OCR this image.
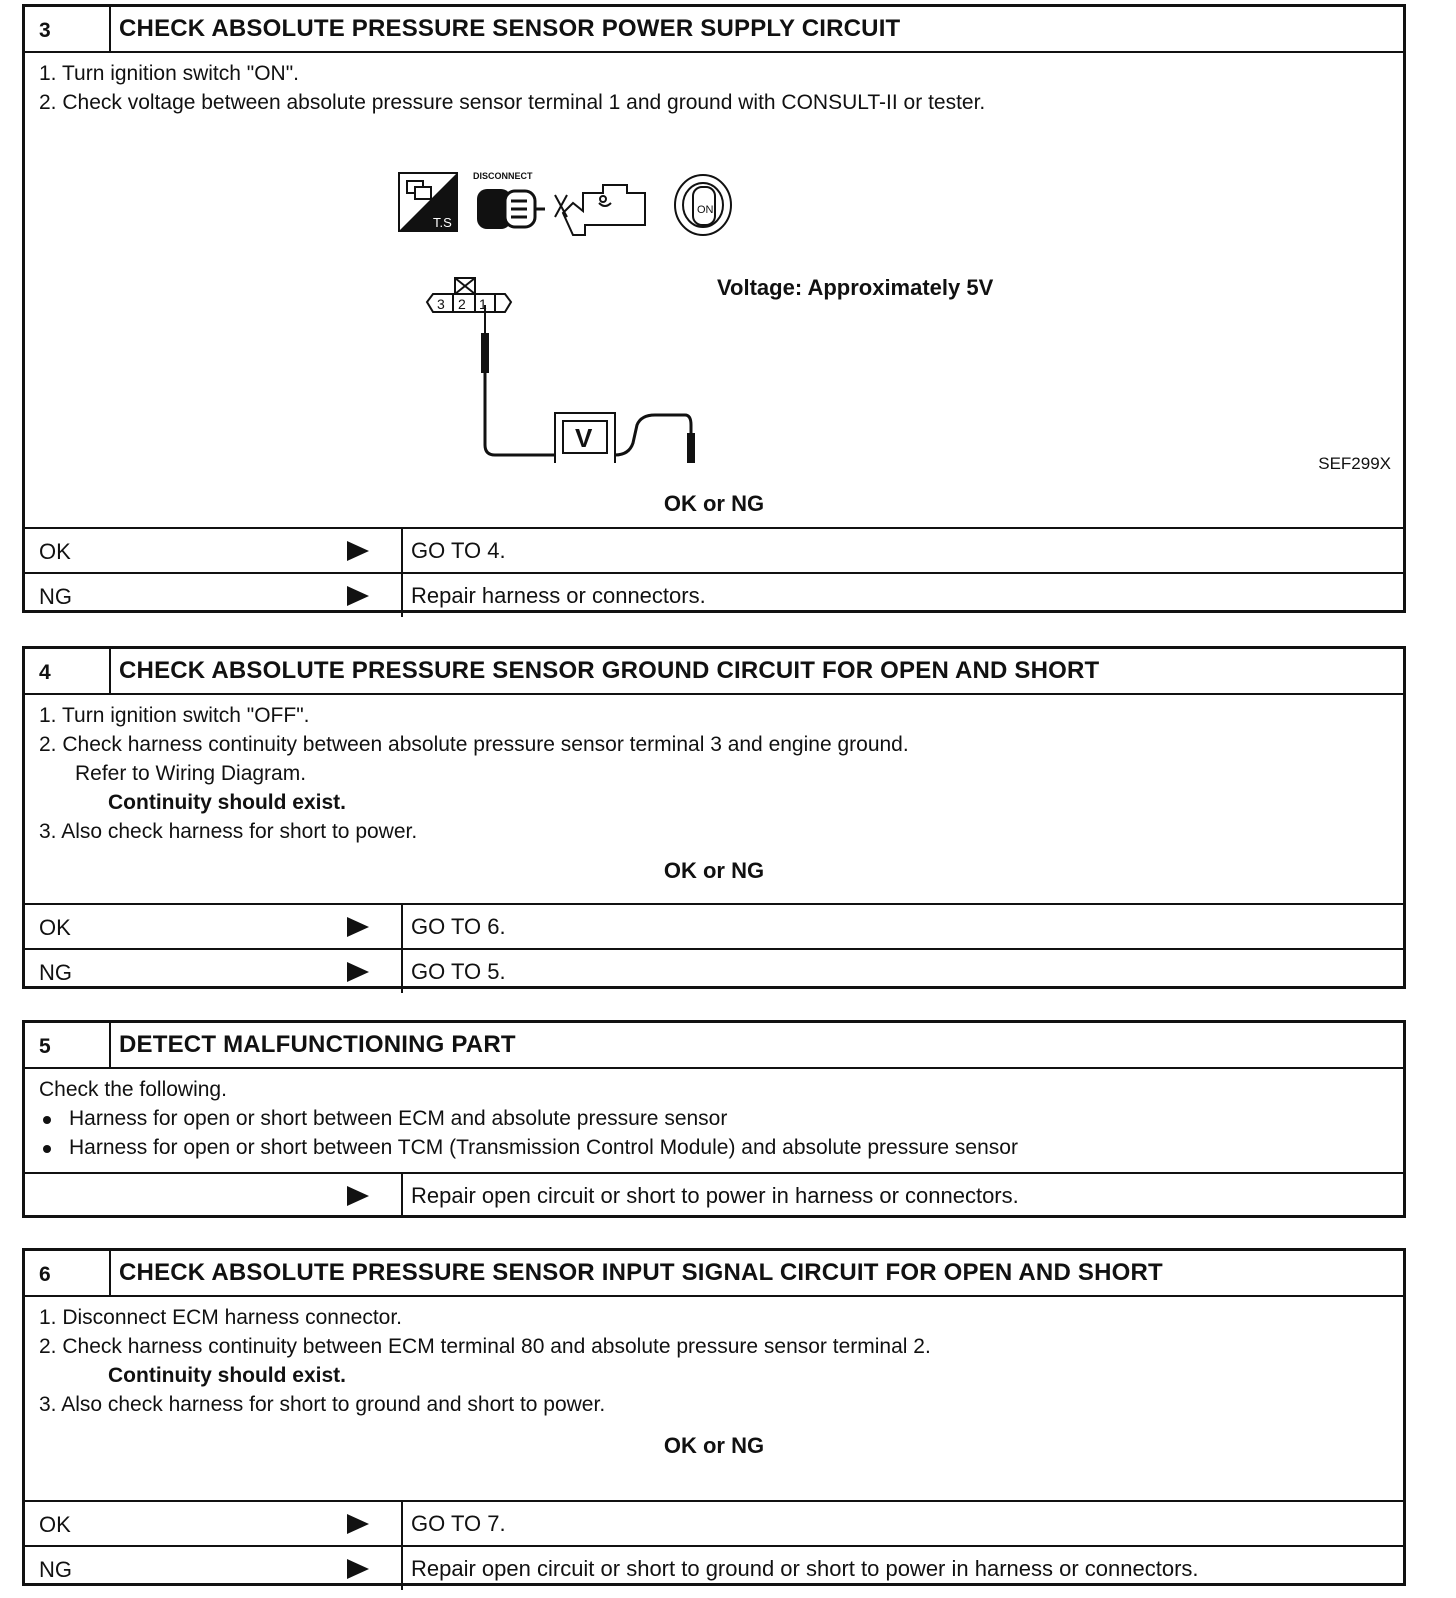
3	CHECK ABSOLUTE PRESSURE SENSOR POWER SUPPLY CIRCUIT
1. Turn ignition switch "ON".
2. Check voltage between absolute pressure sensor terminal 1 and ground with CONSULT-II or tester.
T.S
DISCONNECT
ON
3 2 1
V
Voltage: Approximately 5V
SEF299X
OK or NG
OK	GO TO 4.
NG	Repair harness or connectors.
4	CHECK ABSOLUTE PRESSURE SENSOR GROUND CIRCUIT FOR OPEN AND SHORT
1. Turn ignition switch "OFF".
2. Check harness continuity between absolute pressure sensor terminal 3 and engine ground.
Refer to Wiring Diagram.
Continuity should exist.
3. Also check harness for short to power.
OK or NG
OK	GO TO 6.
NG	GO TO 5.
5	DETECT MALFUNCTIONING PART
Check the following.
Harness for open or short between ECM and absolute pressure sensor
Harness for open or short between TCM (Transmission Control Module) and absolute pressure sensor
Repair open circuit or short to power in harness or connectors.
6	CHECK ABSOLUTE PRESSURE SENSOR INPUT SIGNAL CIRCUIT FOR OPEN AND SHORT
1. Disconnect ECM harness connector.
2. Check harness continuity between ECM terminal 80 and absolute pressure sensor terminal 2.
Continuity should exist.
3. Also check harness for short to ground and short to power.
OK or NG
OK	GO TO 7.
NG	Repair open circuit or short to ground or short to power in harness or connectors.
